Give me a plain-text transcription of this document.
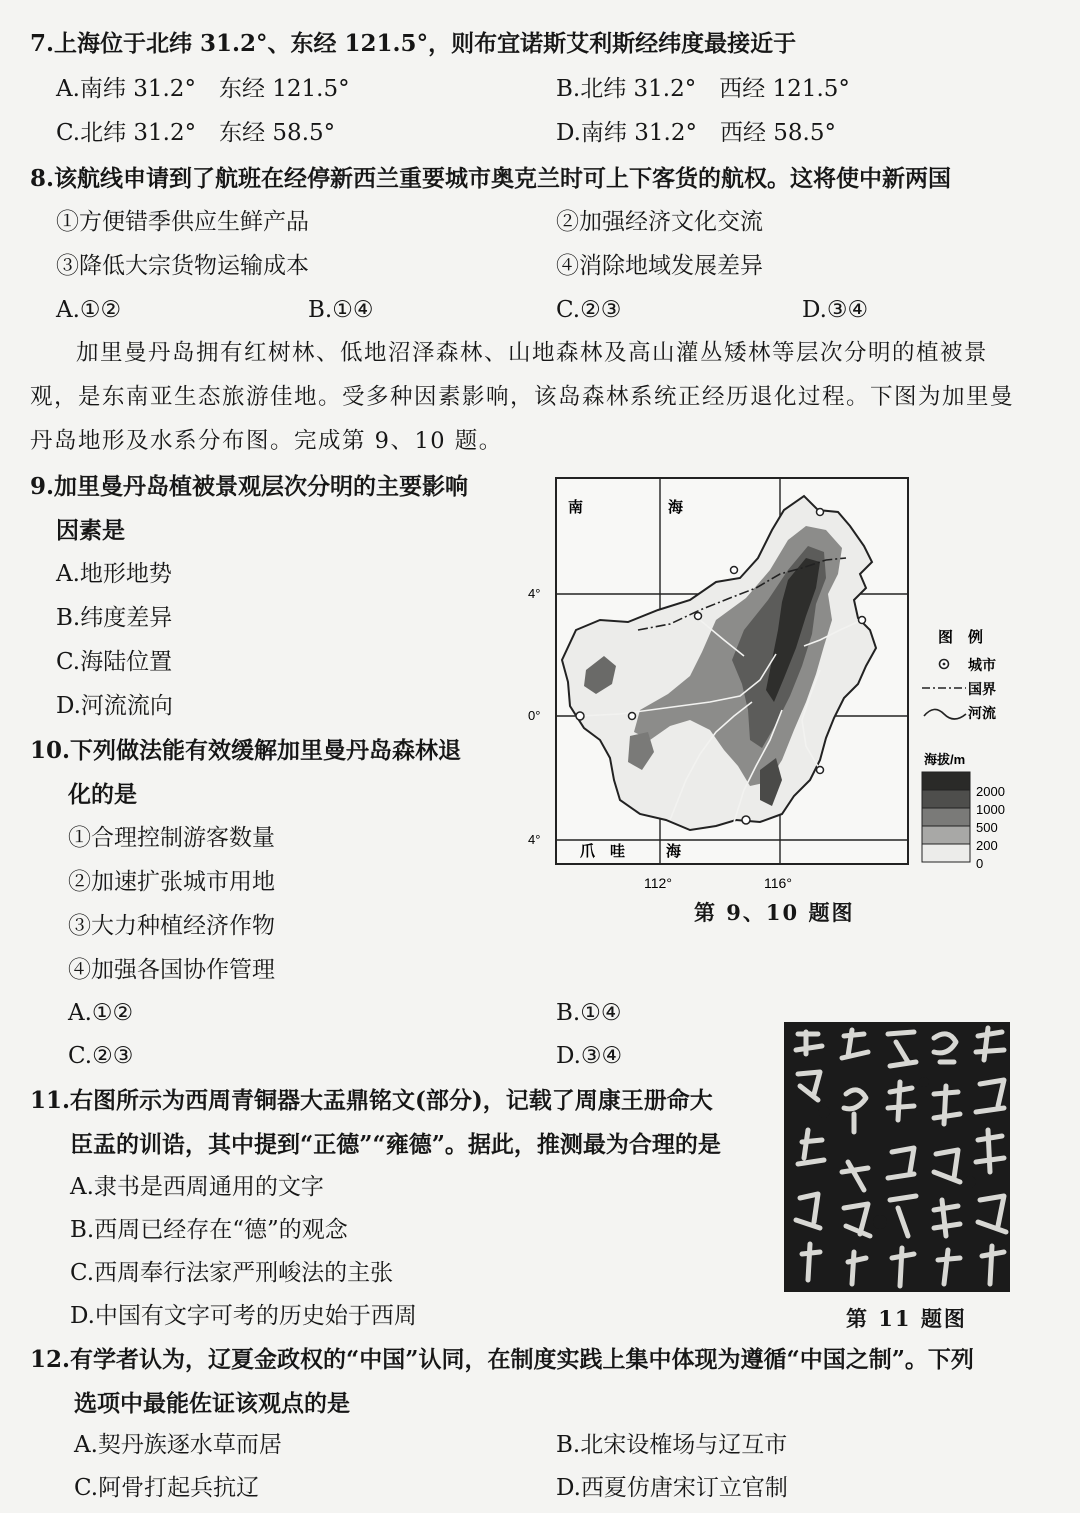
7.上海位于北纬 31.2°、东经 121.5°，则布宜诺斯艾利斯经纬度最接近于
A.南纬 31.2°　东经 121.5°	B.北纬 31.2°　西经 121.5°
C.北纬 31.2°　东经 58.5°	D.南纬 31.2°　西经 58.5°
8.该航线申请到了航班在经停新西兰重要城市奥克兰时可上下客货的航权。这将使中新两国
①方便错季供应生鲜产品	②加强经济文化交流
③降低大宗货物运输成本	④消除地域发展差异
A.①②	B.①④	C.②③	D.③④
加里曼丹岛拥有红树林、低地沼泽森林、山地森林及高山灌丛矮林等层次分明的植被景
观，是东南亚生态旅游佳地。受多种因素影响，该岛森林系统正经历退化过程。下图为加里曼
丹岛地形及水系分布图。完成第 9、10 题。
9.加里曼丹岛植被景观层次分明的主要影响
因素是
A.地形地势
B.纬度差异
C.海陆位置
D.河流流向
10.下列做法能有效缓解加里曼丹岛森林退
化的是
①合理控制游客数量
②加速扩张城市用地
③大力种植经济作物
④加强各国协作管理
A.①②	B.①④
C.②③	D.③④
南	海
爪 哇	海
4°
0°
4°
112°	116°
图　例
城市
国界
河流
海拔/m
2000
1000
500
200
0
第 9、10 题图
11.右图所示为西周青铜器大盂鼎铭文(部分)，记载了周康王册命大
臣盂的训诰，其中提到“正德”“雍德”。据此，推测最为合理的是
A.隶书是西周通用的文字
B.西周已经存在“德”的观念
C.西周奉行法家严刑峻法的主张
D.中国有文字可考的历史始于西周	第 11 题图
12.有学者认为，辽夏金政权的“中国”认同，在制度实践上集中体现为遵循“中国之制”。下列
选项中最能佐证该观点的是
A.契丹族逐水草而居	B.北宋设榷场与辽互市
C.阿骨打起兵抗辽	D.西夏仿唐宋订立官制
